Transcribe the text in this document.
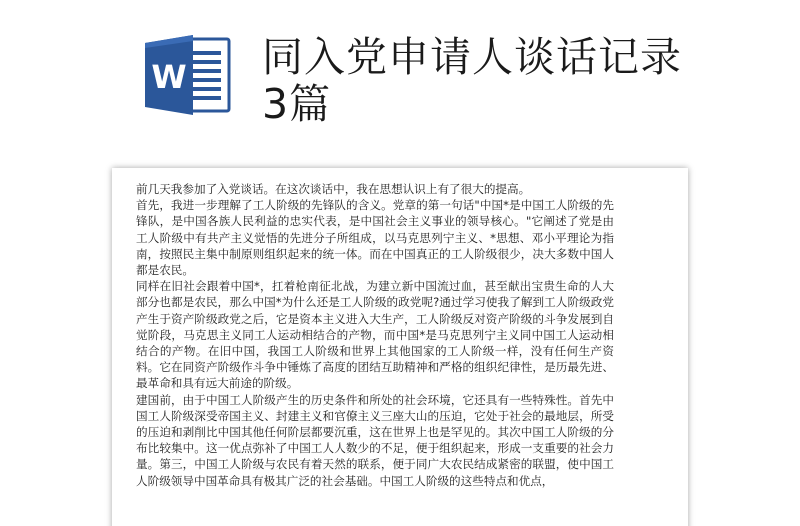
W 同入党申请人谈话记录 3篇

前几天我参加了入党谈话。在这次谈话中，我在思想认识上有了很大的提高。

首先，我进一步理解了工人阶级的先锋队的含义。党章的第一句话"中国*是中国工人阶级的先锋队，是中国各族人民利益的忠实代表，是中国社会主义事业的领导核心。"它阐述了党是由工人阶级中有共产主义觉悟的先进分子所组成，以马克思列宁主义、*思想、邓小平理论为指南，按照民主集中制原则组织起来的统一体。而在中国真正的工人阶级很少，决大多数中国人都是农民。

同样在旧社会跟着中国*，扛着枪南征北战，为建立新中国流过血，甚至献出宝贵生命的人大部分也都是农民，那么中国*为什么还是工人阶级的政党呢?通过学习使我了解到工人阶级政党产生于资产阶级政党之后，它是资本主义进入大生产，工人阶级反对资产阶级的斗争发展到自觉阶段，马克思主义同工人运动相结合的产物，而中国*是马克思列宁主义同中国工人运动相结合的产物。在旧中国，我国工人阶级和世界上其他国家的工人阶级一样，没有任何生产资料。它在同资产阶级作斗争中锤炼了高度的团结互助精神和严格的组织纪律性，是历最先进、最革命和具有远大前途的阶级。

建国前，由于中国工人阶级产生的历史条件和所处的社会环境，它还具有一些特殊性。首先中国工人阶级深受帝国主义、封建主义和官僚主义三座大山的压迫，它处于社会的最地层，所受的压迫和剥削比中国其他任何阶层都要沉重，这在世界上也是罕见的。其次中国工人阶级的分布比较集中。这一优点弥补了中国工人人数少的不足，便于组织起来，形成一支重要的社会力量。第三，中国工人阶级与农民有着天然的联系，便于同广大农民结成紧密的联盟，使中国工人阶级领导中国革命具有极其广泛的社会基础。中国工人阶级的这些特点和优点，
